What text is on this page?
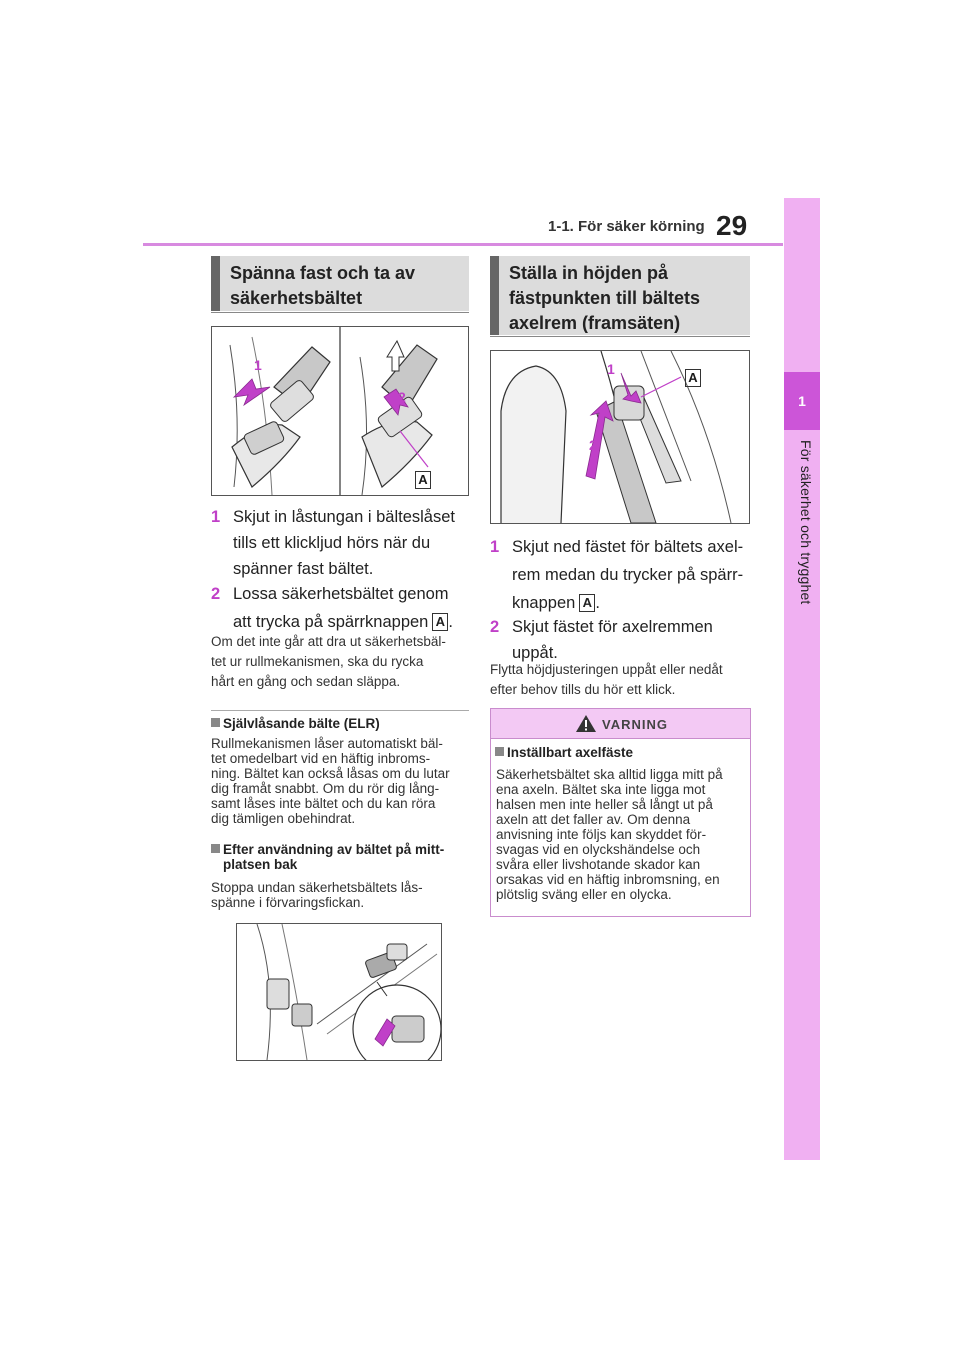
1-1. För säker körning 29
1
För säkerhet och trygghet
Spänna fast och ta av
säkerhetsbältet
1
2
A
1 Skjut in låstungan i bälteslåset
tills ett klickljud hörs när du
spänner fast bältet.
2 Lossa säkerhetsbältet genom
att trycka på spärrknappen A .
Om det inte går att dra ut säkerhetsbäl-
tet ur rullmekanismen, ska du rycka
hårt en gång och sedan släppa.
Självlåsande bälte (ELR)
Rullmekanismen låser automatiskt bäl-
tet omedelbart vid en häftig inbroms-
ning. Bältet kan också låsas om du lutar
dig framåt snabbt. Om du rör dig lång-
samt låses inte bältet och du kan röra
dig tämligen obehindrat.
Efter användning av bältet på mitt-
platsen bak
Stoppa undan säkerhetsbältets lås-
spänne i förvaringsfickan.
Ställa in höjden på
fästpunkten till bältets
axelrem (framsäten)
1
2
A
1 Skjut ned fästet för bältets axel-
rem medan du trycker på spärr-
knappen A .
2 Skjut fästet för axelremmen
uppåt.
Flytta höjdjusteringen uppåt eller nedåt
efter behov tills du hör ett klick.
VARNING
Inställbart axelfäste
Säkerhetsbältet ska alltid ligga mitt på
ena axeln. Bältet ska inte ligga mot
halsen men inte heller så långt ut på
axeln att det faller av. Om denna
anvisning inte följs kan skyddet för-
svagas vid en olyckshändelse och
svåra eller livshotande skador kan
orsakas vid en häftig inbromsning, en
plötslig sväng eller en olycka.
